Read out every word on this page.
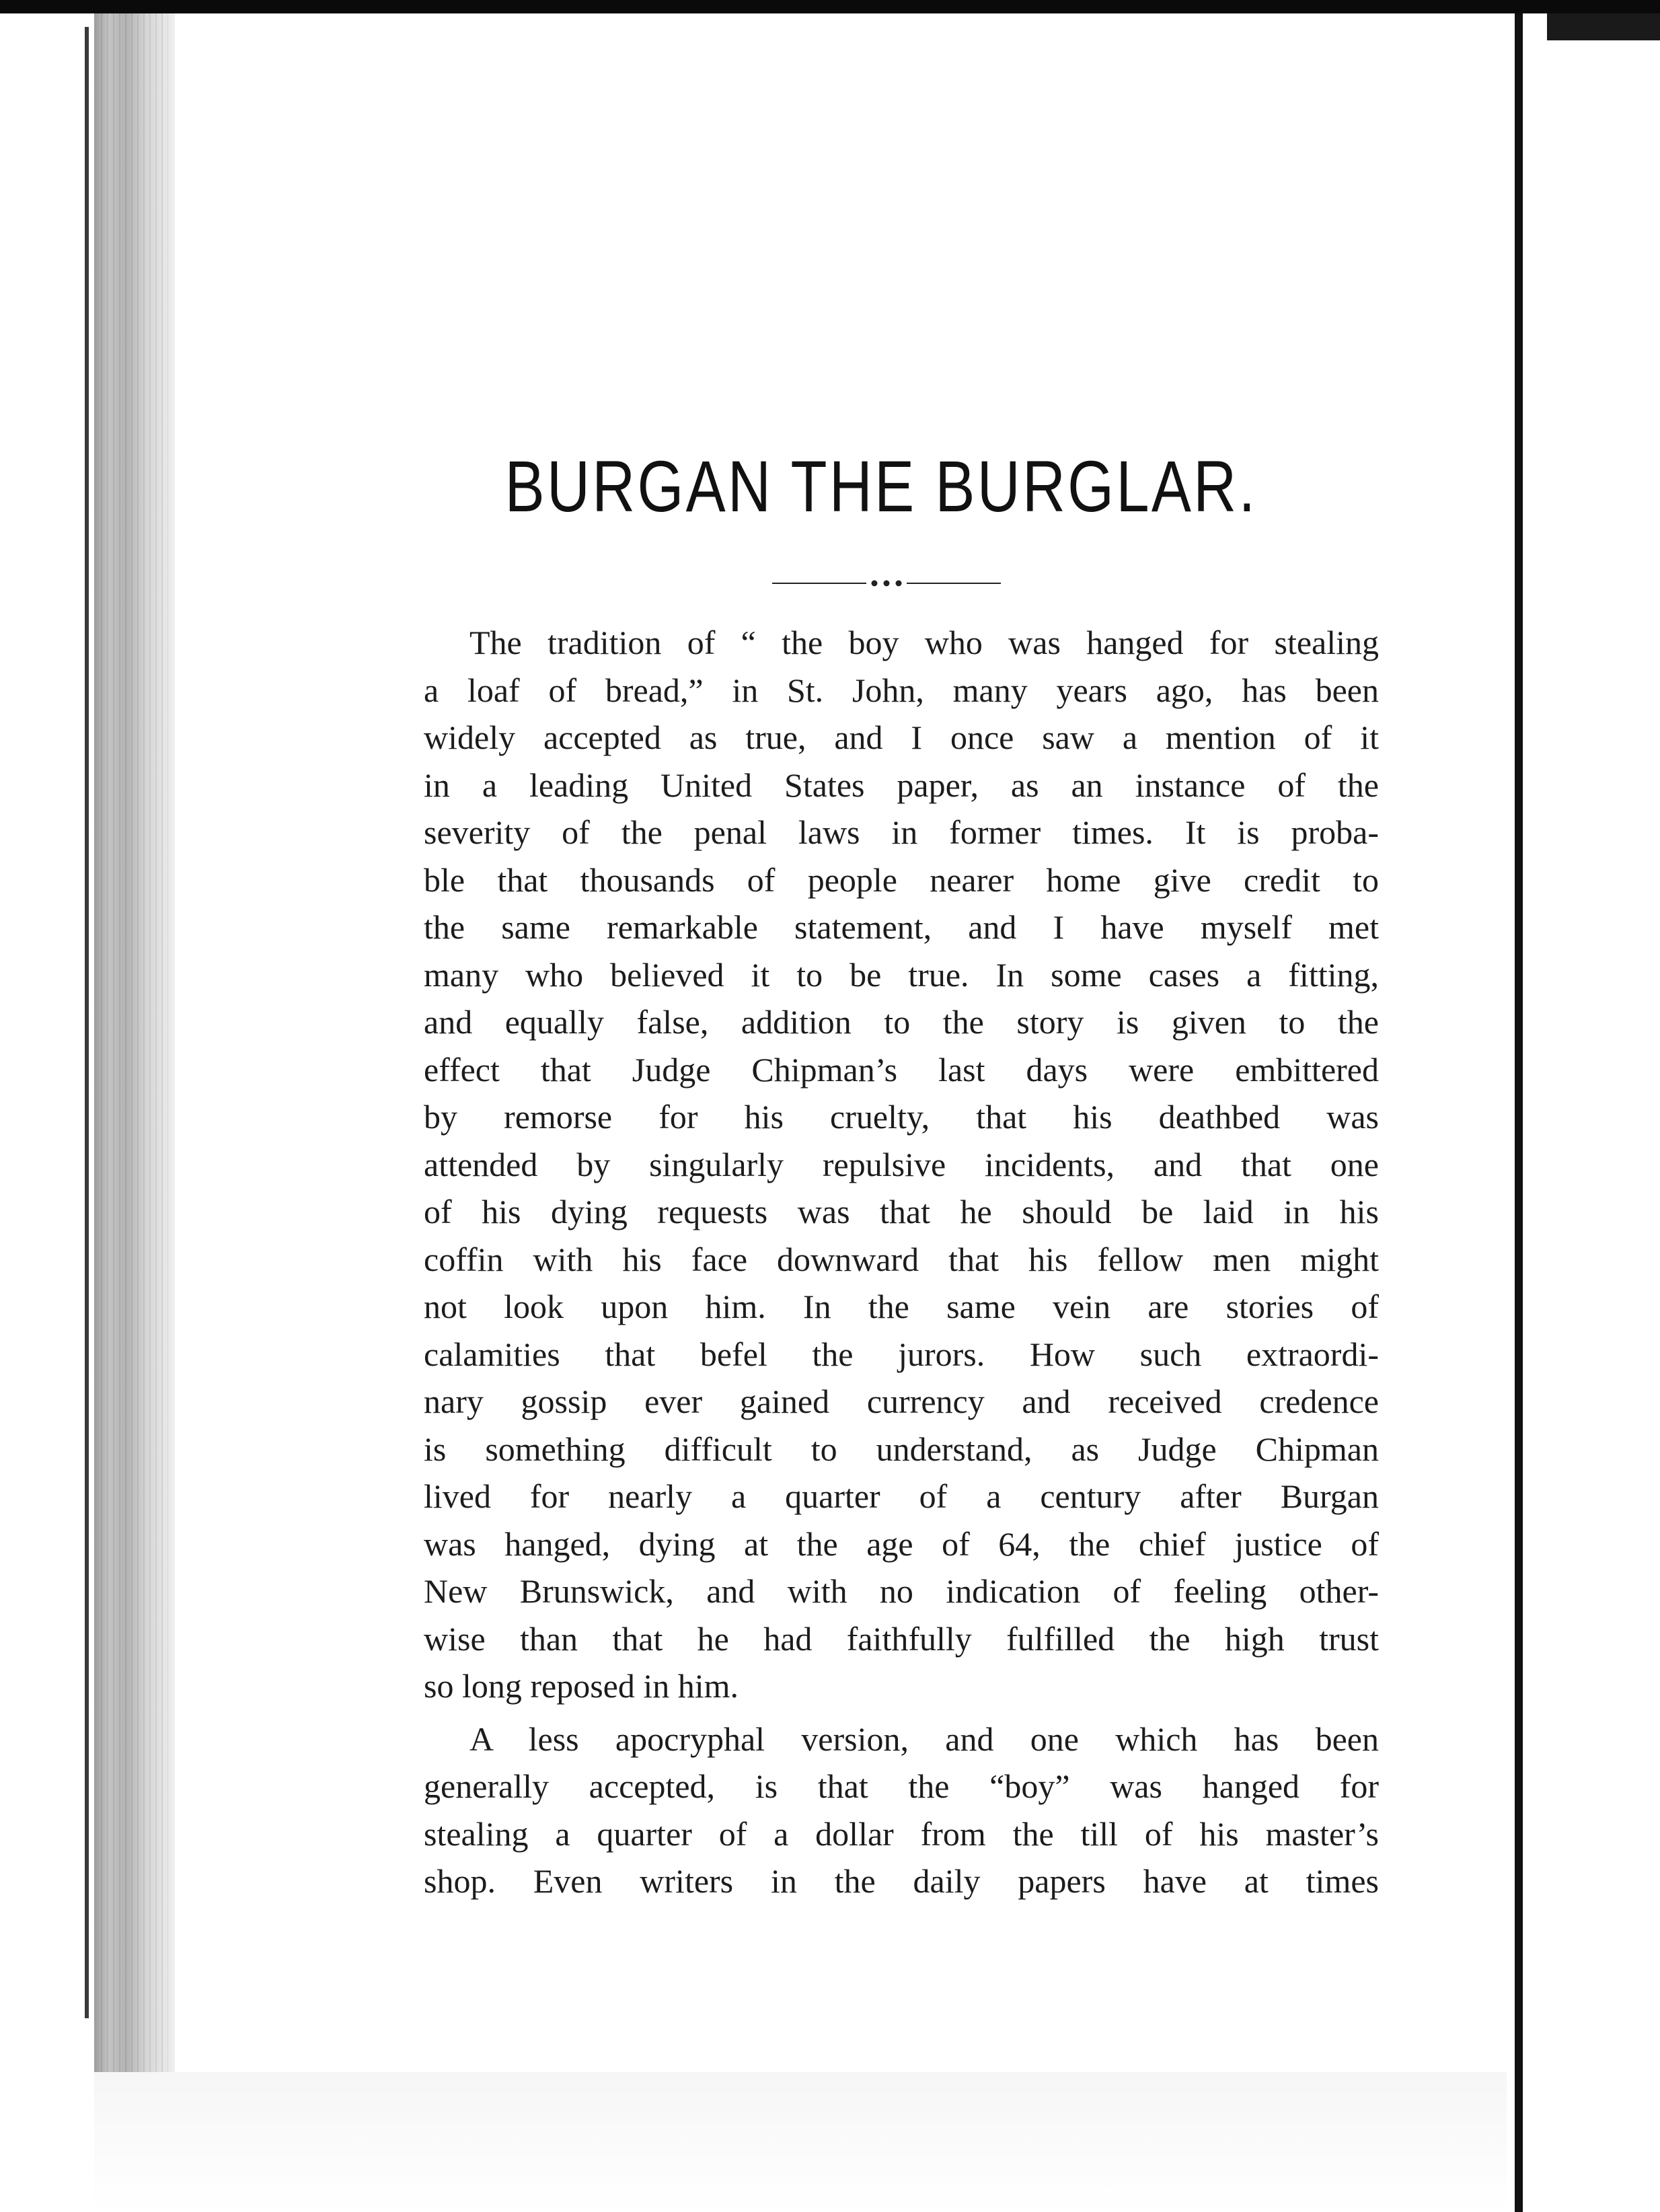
BURGAN THE BURGLAR.
The tradition of “ the boy who was hanged for stealing
a loaf of bread,” in St. John, many years ago, has been
widely accepted as true, and I once saw a mention of it
in a leading United States paper, as an instance of the
severity of the penal laws in former times. It is proba-
ble that thousands of people nearer home give credit to
the same remarkable statement, and I have myself met
many who believed it to be true. In some cases a fitting,
and equally false, addition to the story is given to the
effect that Judge Chipman’s last days were embittered
by remorse for his cruelty, that his deathbed was
attended by singularly repulsive incidents, and that one
of his dying requests was that he should be laid in his
coffin with his face downward that his fellow men might
not look upon him. In the same vein are stories of
calamities that befel the jurors. How such extraordi-
nary gossip ever gained currency and received credence
is something difficult to understand, as Judge Chipman
lived for nearly a quarter of a century after Burgan
was hanged, dying at the age of 64, the chief justice of
New Brunswick, and with no indication of feeling other-
wise than that he had faithfully fulfilled the high trust
so long reposed in him.
A less apocryphal version, and one which has been
generally accepted, is that the “boy” was hanged for
stealing a quarter of a dollar from the till of his master’s
shop. Even writers in the daily papers have at times
